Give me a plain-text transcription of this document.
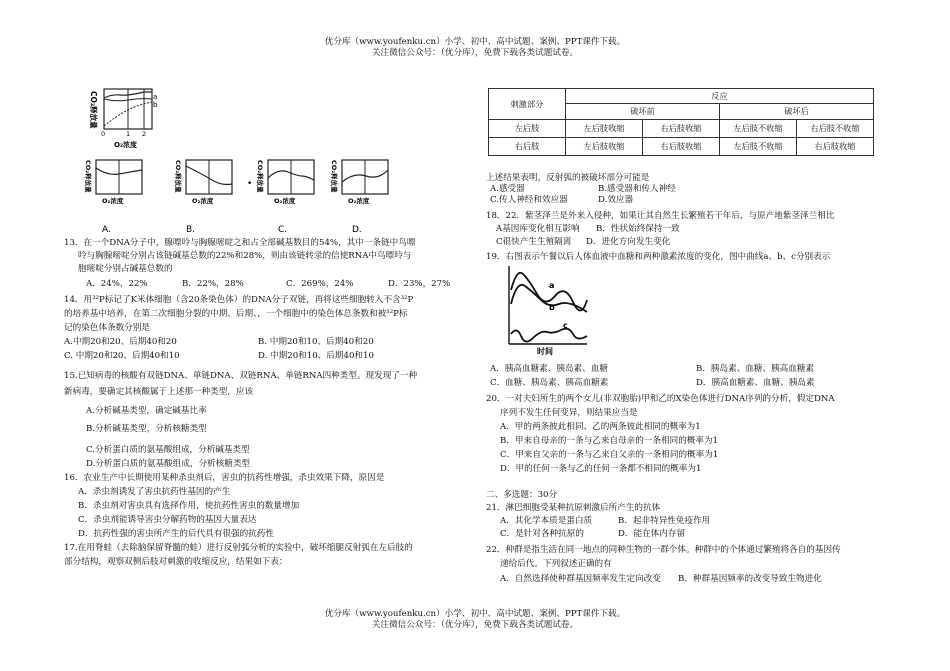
优分库（www.youfenku.cn）小学、初中、高中试题、案例、PPT课件下载。
关注微信公众号：（优分库），免费下载各类试题试卷。
a
b
CO₂释放量
0	1 2
O₂浓度
CO₂释放量
O₂浓度
CO₂释放量
O₂浓度
• CO₂释放量
O₂浓度
CO₂释放量
O₂浓度
A.	B.	C.	D.
13．在一个DNA分子中，腺嘌呤与胸腺嘧啶之和占全部碱基数目的54%，其中一条链中鸟嘌
呤与胸腺嘧啶分别占该链碱基总数的22%和28%，则由该链转录的信使RNA中鸟嘌呤与
胞嘧啶分别占碱基总数的
A．24%，22%	B．22%，28%	C．269%，24%	D．23%，27%
14．用³²P标记了K米体细胞（含20条染色体）的DNA分子双链，再将这些细胞转入不含³²P
的培养基中培养，在第二次细胞分裂的中期、后期、，一个细胞中的染色体总条数和被³²P标
记的染色体条数分别是
A.中期20和20、后期40和20	B. 中期20和10、后期40和20
C. 中期20和20、后期40和10	D. 中期20和10、后期40和10
15.已知病毒的核酸有双链DNA、单链DNA、双链RNA、单链RNA四种类型。现发现了一种
新病毒，要确定其核酸属于上述那一种类型，应该
A.分析碱基类型，确定碱基比率
B.分析碱基类型，分析核糖类型
C.分析蛋白质的氨基酸组成，分析碱基类型
D.分析蛋白质的氨基酸组成，分析核糖类型
16．农业生产中长期使用某种杀虫剂后，害虫的抗药性增强，杀虫效果下降，原因是
A．杀虫剂诱发了害虫抗药性基因的产生
B．杀虫剂对害虫具有选择作用，使抗药性害虫的数量增加
C．杀虫剂能诱导害虫分解药物的基因大量表达
D．抗药性强的害虫所产生的后代具有很强的抗药性
17.在用脊蛙（去除脑保留脊髓的蛙）进行反射弧分析的实验中，破坏缩腿反射弧在左后肢的
部分结构，观察双侧后肢对刺激的收缩反应，结果如下表：
刺激部分	反应			
	破坏前		破坏后	
左后肢	左后肢收缩	右后肢收缩	左后肢不收缩	右后肢不收缩
右后肢	左后肢收缩	右后肢收缩	左后肢不收缩	右后肢收缩
上述结果表明，反射弧的被破坏部分可能是
A.感受器	B.感受器和传人神经
C.传人神经和效应器	D.效应器
18．22．紫茎泽兰是外来入侵种，如果让其自然生长繁殖若干年后，与原产地紫茎泽兰相比
A基因库变化相互影响	B．性状始终保持一致
C很快产生生殖隔离	D．进化方向发生变化
19．右图表示午餐以后人体血液中血糖和两种激素浓度的变化，图中曲线a、b、c分别表示
a
b
c
时间
A．胰高血糖素、胰岛素、血糖	B．胰岛素、血糖、胰高血糖素
C．血糖、胰岛素、胰高血糖素	D．胰高血糖素、血糖、胰岛素
20．一对夫妇所生的两个女儿(非双胞胎)甲和乙的X染色体进行DNA序列的分析，假定DNA
序列不发生任何变异，则结果应当是
A．甲的两条彼此相同、乙的两条彼此相同的概率为1
B．甲来自母亲的一条与乙来自母亲的一条相同的概率为1
C．甲来自父亲的一条与乙来自父亲的一条相同的概率为1
D．甲的任何一条与乙的任何一条都不相同的概率为1
二、多选题：30分
21．淋巴细胞受某种抗原刺激后所产生的抗体
A．其化学本质是蛋白质	B．起非特异性免疫作用
C．是针对各种抗原的	D．能在体内存留
22．种群是指生活在同一地点的同种生物的一群个体。种群中的个体通过繁殖将各自的基因传
递给后代。下列叙述正确的有
A．自然选择使种群基因频率发生定向改变	B．种群基因频率的改变导致生物进化
优分库（www.youfenku.cn）小学、初中、高中试题、案例、PPT课件下载。
关注微信公众号：（优分库），免费下载各类试题试卷。
